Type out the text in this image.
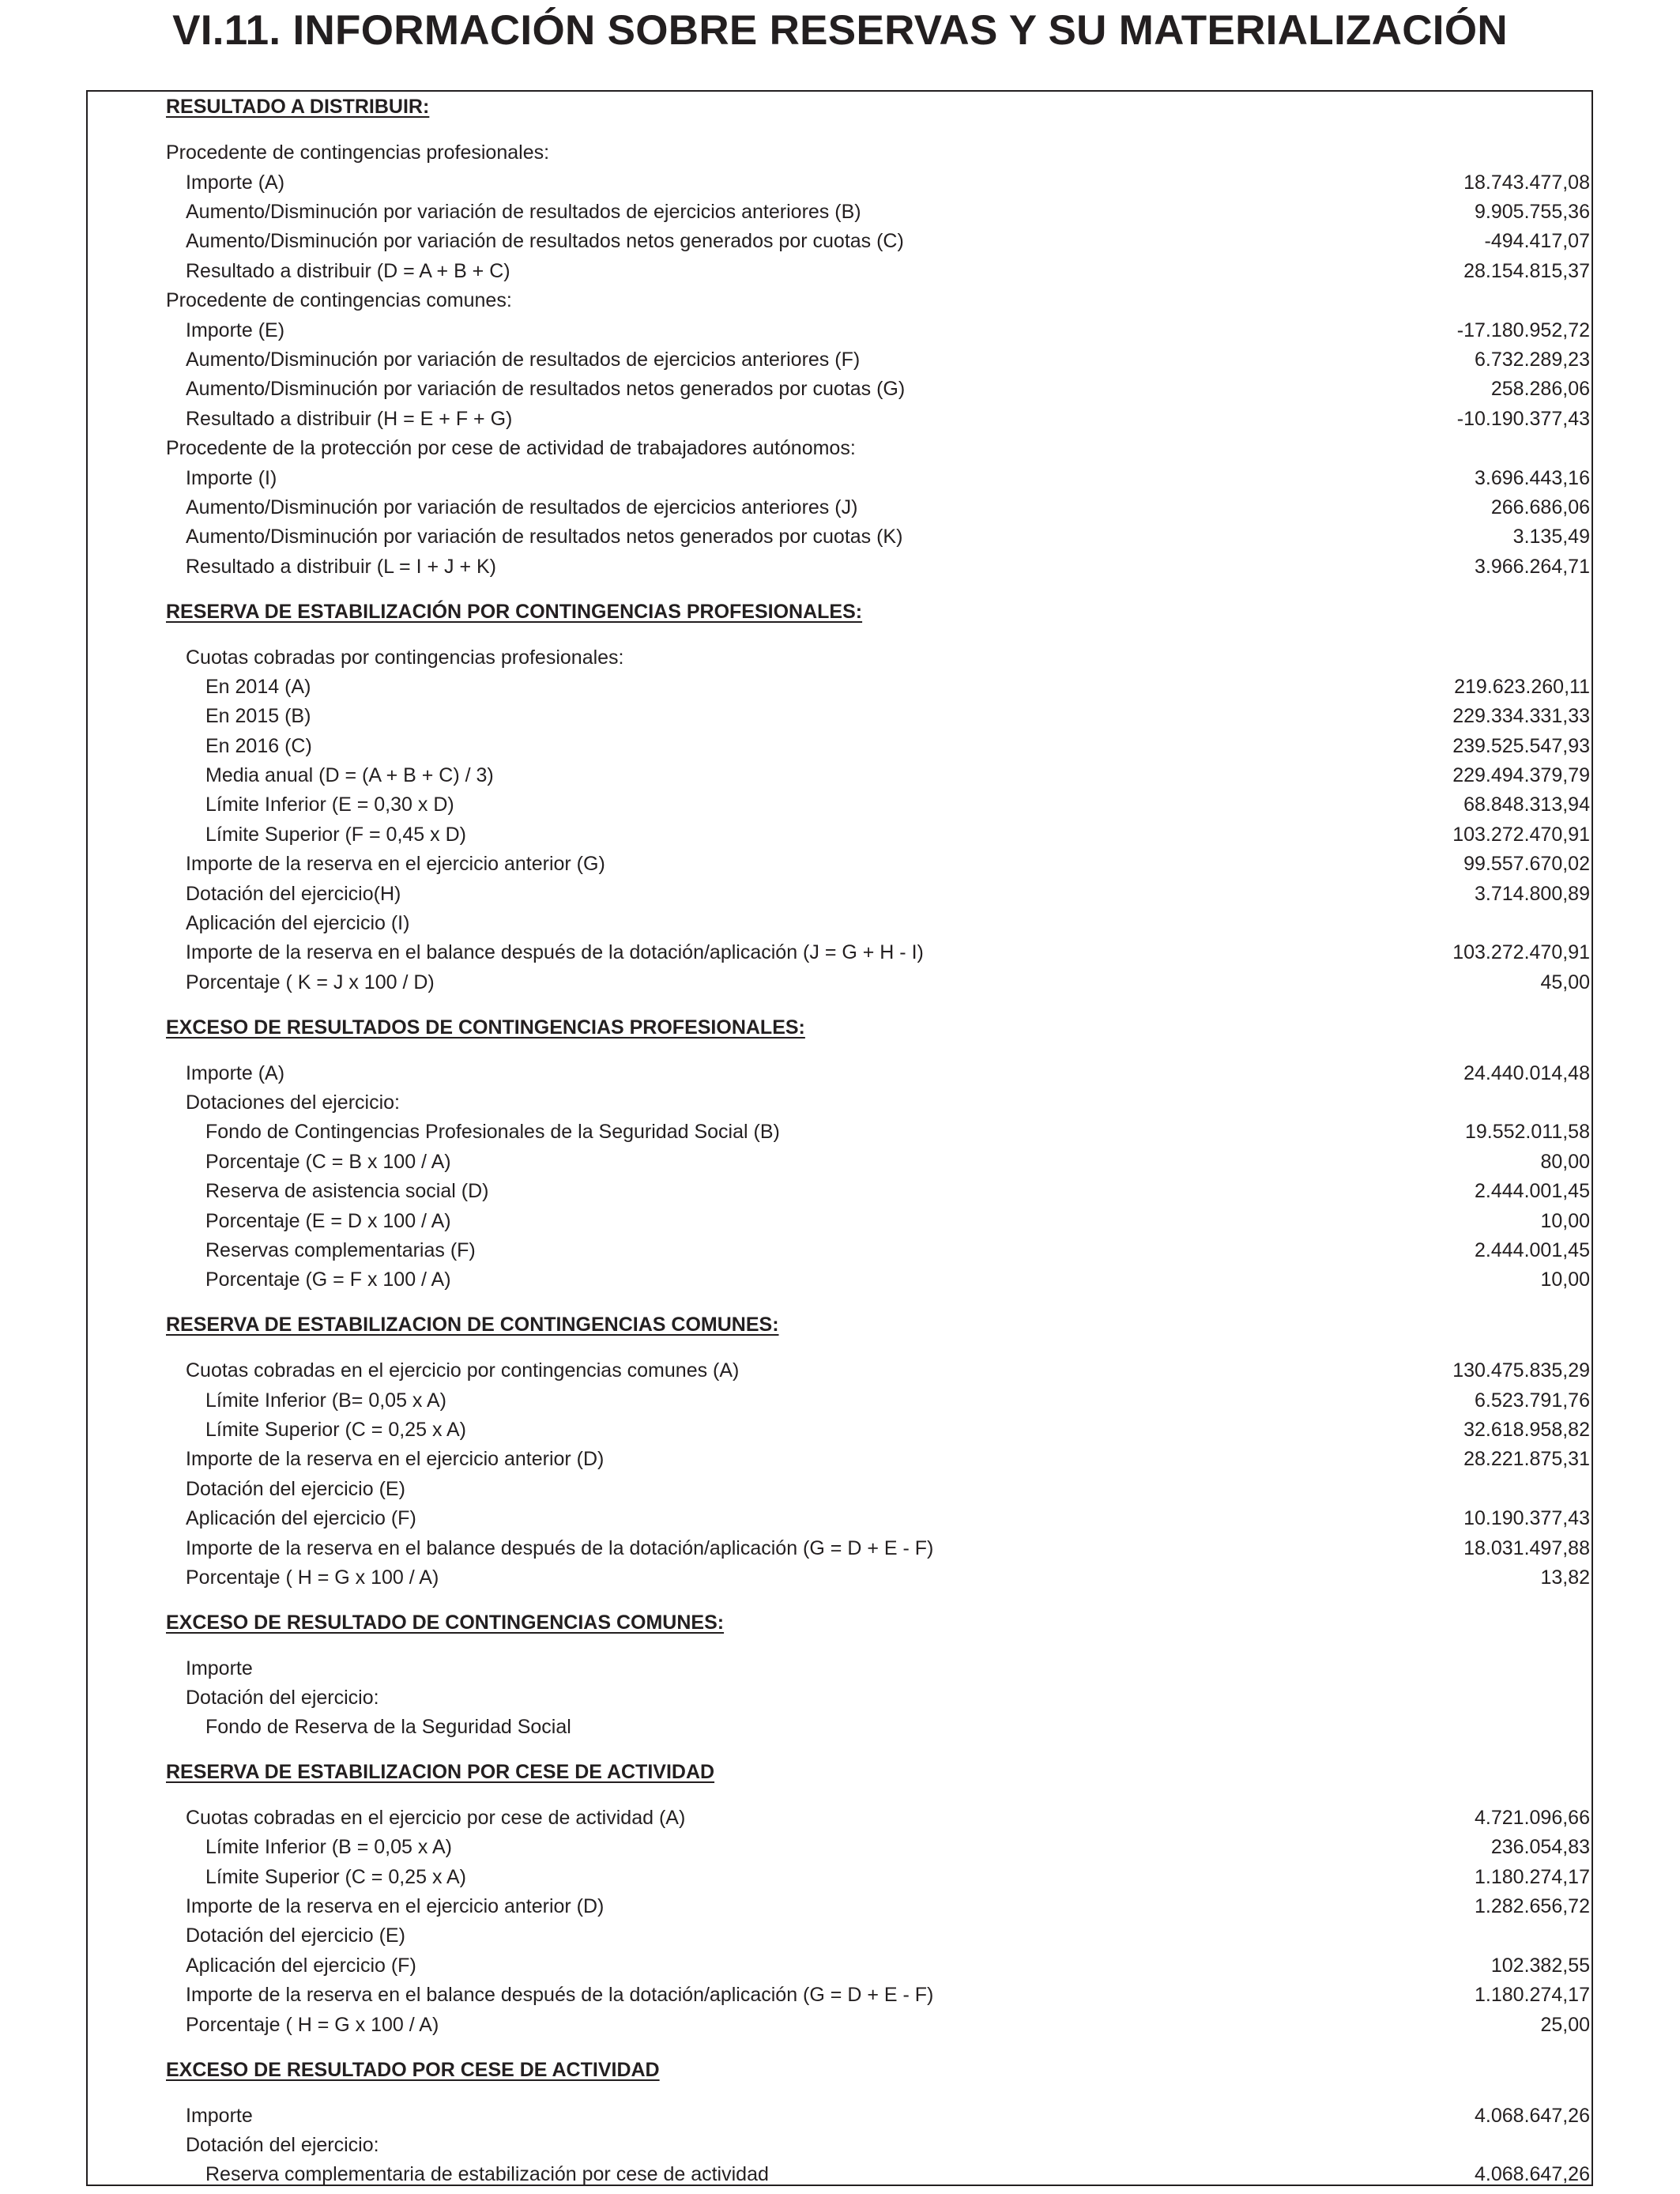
VI.11. INFORMACIÓN SOBRE RESERVAS Y SU MATERIALIZACIÓN
RESULTADO A DISTRIBUIR:
Procedente de contingencias profesionales:
Importe (A)	18.743.477,08
Aumento/Disminución por variación de resultados de ejercicios anteriores (B)	9.905.755,36
Aumento/Disminución por variación de resultados netos generados por cuotas (C)	-494.417,07
Resultado a distribuir (D = A + B + C)	28.154.815,37
Procedente de contingencias comunes:
Importe (E)	-17.180.952,72
Aumento/Disminución por variación de resultados de ejercicios anteriores (F)	6.732.289,23
Aumento/Disminución por variación de resultados netos generados por cuotas (G)	258.286,06
Resultado a distribuir (H = E + F + G)	-10.190.377,43
Procedente de la protección por cese de actividad de trabajadores autónomos:
Importe (I)	3.696.443,16
Aumento/Disminución por variación de resultados de ejercicios anteriores (J)	266.686,06
Aumento/Disminución por variación de resultados netos generados por cuotas (K)	3.135,49
Resultado a distribuir (L = I + J + K)	3.966.264,71
RESERVA DE ESTABILIZACIÓN POR CONTINGENCIAS PROFESIONALES:
Cuotas cobradas por contingencias profesionales:
En 2014 (A)	219.623.260,11
En 2015 (B)	229.334.331,33
En 2016 (C)	239.525.547,93
Media anual (D = (A + B + C) / 3)	229.494.379,79
Límite Inferior (E = 0,30 x D)	68.848.313,94
Límite Superior (F = 0,45 x D)	103.272.470,91
Importe de la reserva en el ejercicio anterior (G)	99.557.670,02
Dotación del ejercicio(H)	3.714.800,89
Aplicación del ejercicio (I)
Importe de la reserva en el balance después de la dotación/aplicación (J = G + H - I)	103.272.470,91
Porcentaje ( K = J x 100 / D)	45,00
EXCESO DE RESULTADOS DE CONTINGENCIAS PROFESIONALES:
Importe (A)	24.440.014,48
Dotaciones del ejercicio:
Fondo de Contingencias Profesionales de la Seguridad Social (B)	19.552.011,58
Porcentaje (C = B x 100 / A)	80,00
Reserva de asistencia social (D)	2.444.001,45
Porcentaje (E = D x 100 / A)	10,00
Reservas complementarias (F)	2.444.001,45
Porcentaje (G = F x 100 / A)	10,00
RESERVA DE ESTABILIZACION DE CONTINGENCIAS COMUNES:
Cuotas cobradas en el ejercicio por contingencias comunes (A)	130.475.835,29
Límite Inferior (B= 0,05 x A)	6.523.791,76
Límite Superior (C = 0,25 x A)	32.618.958,82
Importe de la reserva en el ejercicio anterior (D)	28.221.875,31
Dotación del ejercicio (E)
Aplicación del ejercicio (F)	10.190.377,43
Importe de la reserva en el balance después de la dotación/aplicación (G = D + E - F)	18.031.497,88
Porcentaje ( H = G x 100 / A)	13,82
EXCESO DE RESULTADO DE CONTINGENCIAS COMUNES:
Importe
Dotación del ejercicio:
Fondo de Reserva de la Seguridad Social
RESERVA DE ESTABILIZACION POR CESE DE ACTIVIDAD
Cuotas cobradas en el ejercicio por cese de actividad (A)	4.721.096,66
Límite Inferior (B = 0,05 x A)	236.054,83
Límite Superior (C = 0,25 x A)	1.180.274,17
Importe de la reserva en el ejercicio anterior (D)	1.282.656,72
Dotación del ejercicio (E)
Aplicación del ejercicio (F)	102.382,55
Importe de la reserva en el balance después de la dotación/aplicación (G = D + E - F)	1.180.274,17
Porcentaje ( H = G x 100 / A)	25,00
EXCESO DE RESULTADO POR CESE DE ACTIVIDAD
Importe	4.068.647,26
Dotación del ejercicio:
Reserva complementaria de estabilización por cese de actividad	4.068.647,26
